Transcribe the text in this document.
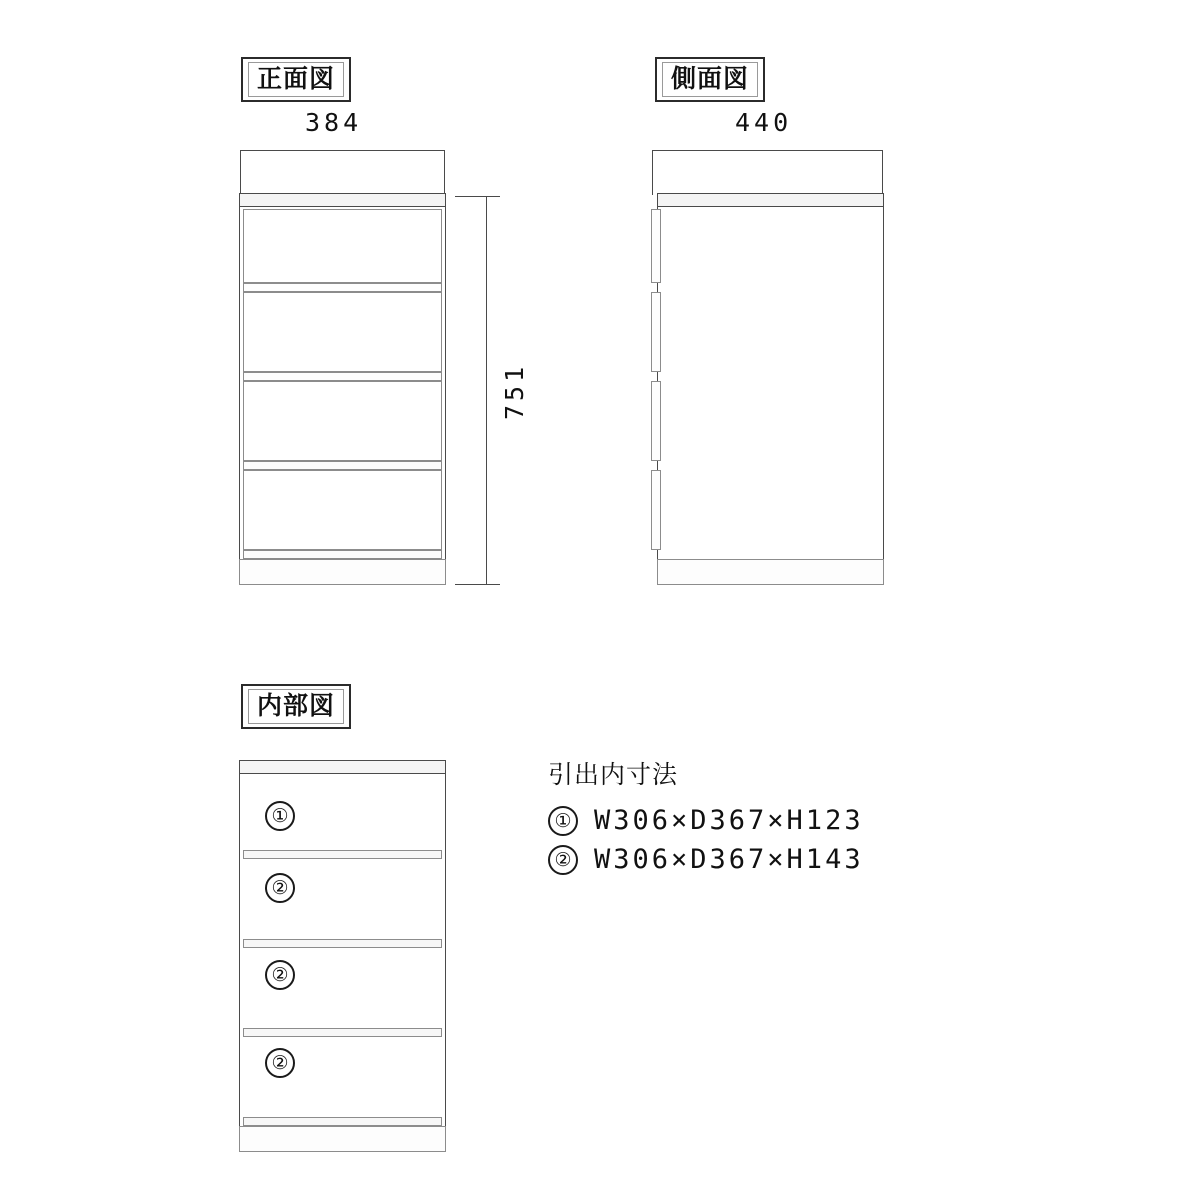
正面図
384
751
側面図
440
内部図
①
②
②
②
引出内寸法
① W306×D367×H123
② W306×D367×H143
